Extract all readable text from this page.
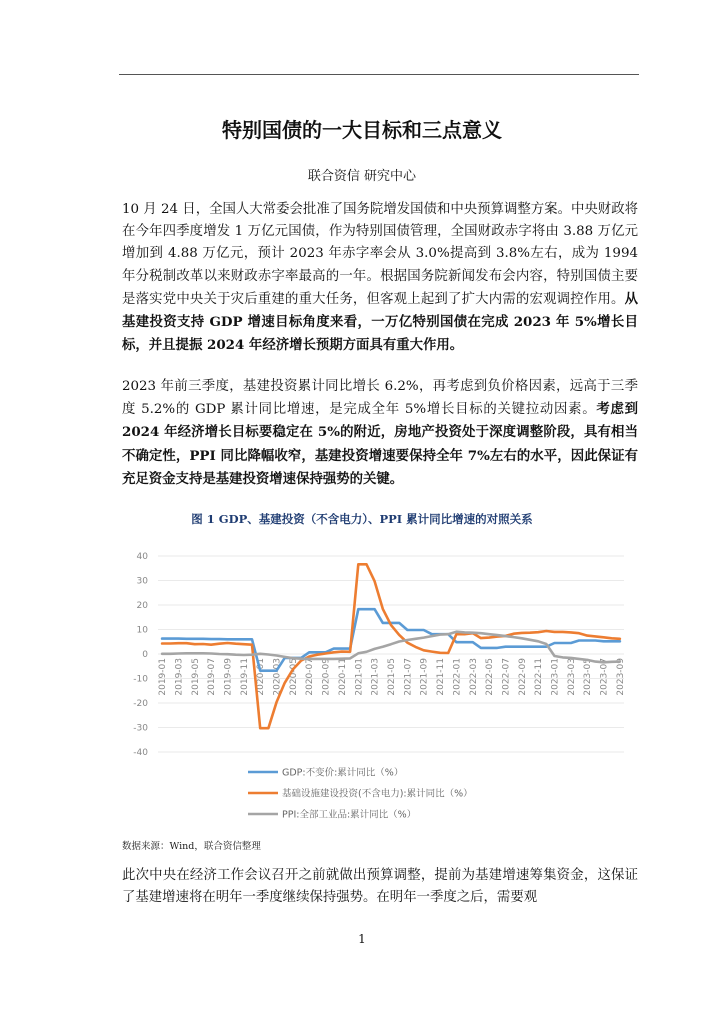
特别国债的一大目标和三点意义
联合资信 研究中心
10 月 24 日，全国人大常委会批准了国务院增发国债和中央预算调整方案。中央财政将在今年四季度增发 1 万亿元国债，作为特别国债管理，全国财政赤字将由 3.88 万亿元增加到 4.88 万亿元，预计 2023 年赤字率会从 3.0%提高到 3.8%左右，成为 1994 年分税制改革以来财政赤字率最高的一年。根据国务院新闻发布会内容，特别国债主要是落实党中央关于灾后重建的重大任务，但客观上起到了扩大内需的宏观调控作用。从基建投资支持 GDP 增速目标角度来看，一万亿特别国债在完成 2023 年 5%增长目标，并且提振 2024 年经济增长预期方面具有重大作用。
2023 年前三季度，基建投资累计同比增长 6.2%，再考虑到负价格因素，远高于三季度 5.2%的 GDP 累计同比增速，是完成全年 5%增长目标的关键拉动因素。考虑到 2024 年经济增长目标要稳定在 5%的附近，房地产投资处于深度调整阶段，具有相当不确定性，PPI 同比降幅收窄，基建投资增速要保持全年 7%左右的水平，因此保证有充足资金支持是基建投资增速保持强势的关键。
图 1 GDP、基建投资（不含电力）、PPI 累计同比增速的对照关系
40
30
20
10
0
-10
-20
-30
-40
2019-01 2019-03 2019-05 2019-07 2019-09 2019-11 2020-01 2020-03 2020-05 2020-07 2020-09 2020-11 2021-01 2021-03 2021-05 2021-07 2021-09 2021-11 2022-01 2022-03 2022-05 2022-07 2022-09 2022-11 2023-01 2023-03 2023-05 2023-07 2023-09
GDP:不变价:累计同比（%）
基础设施建设投资(不含电力):累计同比（%）
PPI:全部工业品:累计同比（%）
数据来源：Wind，联合资信整理
此次中央在经济工作会议召开之前就做出预算调整，提前为基建增速筹集资金，这保证了基建增速将在明年一季度继续保持强势。在明年一季度之后，需要观
1
